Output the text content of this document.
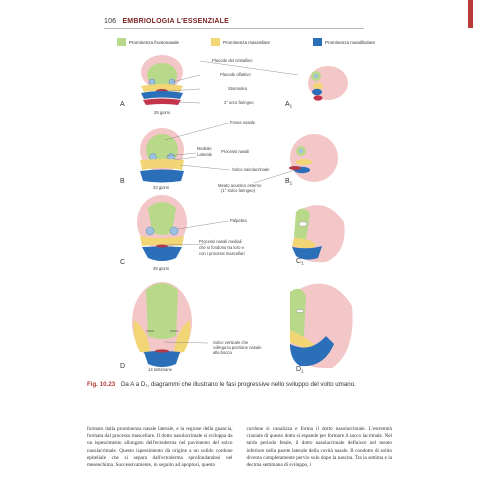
106 EMBRIOLOGIA L'ESSENZIALE
Prominenza frontonasale	Prominenza mascellare	Prominenza mandibolare
28 giorni
A	$A_1$
Placode del cristallino
Placode olfattivo
Stomodeo
2° arco faringeo
33 giorni
B	$B_1$
Fovea nasale
Mediale
Laterale
Processi nasali
Solco nasolacrimale
Meato acustico esterno
(1° solco faringeo)
48 giorni
C	$C_1$
Palpebra
Processi nasali mediali
che si fondono tra loro e
con i processi mascellari
14 settimane
D	$D_1$
Solco verticale che
collega la porzione nasale
alla bocca
Fig. 10.23 Da A a D₁, diagrammi che illustrano le fasi progressive nello sviluppo del volto umano.
formato dalla prominenza nasale laterale, e la regione della guancia, formata dal processo mascellare. Il dotto nasolacrimale si sviluppa da un ispessimento allungato dell'ectoderma nel pavimento del solco nasolacrimale. Questo ispessimento dà origine a un solido cordone epiteliale che si separa dall'ectoderma sprofondandosi nel mesenchima. Successivamente, in seguito ad apoptosi, questo
cordone si canalizza e forma il dotto nasolacrimale. L'estremità craniale di questo dotto si espande per formare il sacco lacrimale. Nel tardo periodo fetale, il dotto nasolacrimale defluisce nel meato inferiore nella parete laterale della cavità nasale. Il condotto di solito diventa completamente pervio solo dopo la nascita. Tra la settima e la decima settimana di sviluppo, i
